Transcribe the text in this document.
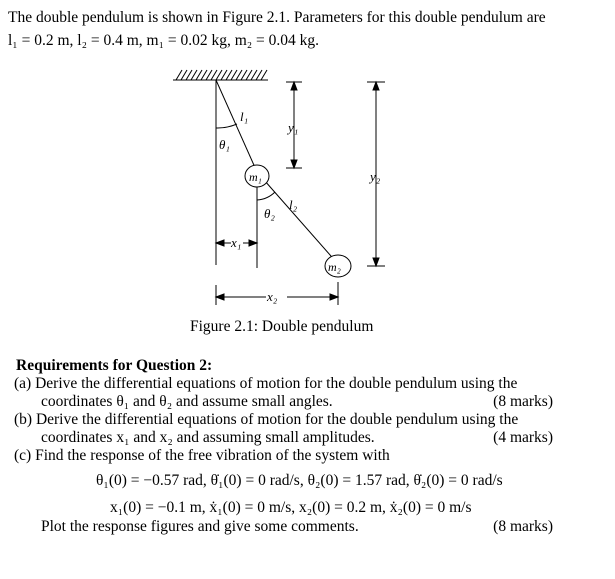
The double pendulum is shown in Figure 2.1. Parameters for this double pendulum are
l₁ = 0.2 m, l₂ = 0.4 m, m₁ = 0.02 kg, m₂ = 0.04 kg.
l₁
y₁
θ₁
m₁	y₂
l₂
θ₂
x₁
m₂
x₂
Figure 2.1: Double pendulum
Requirements for Question 2:
(a) Derive the differential equations of motion for the double pendulum using the
coordinates θ₁ and θ₂ and assume small angles.	(8 marks)
(b) Derive the differential equations of motion for the double pendulum using the
coordinates x₁ and x₂ and assuming small amplitudes.	(4 marks)
(c) Find the response of the free vibration of the system with
θ₁(0) = −0.57 rad, θ̇₁(0) = 0 rad/s, θ₂(0) = 1.57 rad, θ̇₂(0) = 0 rad/s
x₁(0) = −0.1 m, ẋ₁(0) = 0 m/s, x₂(0) = 0.2 m, ẋ₂(0) = 0 m/s
Plot the response figures and give some comments.	(8 marks)
